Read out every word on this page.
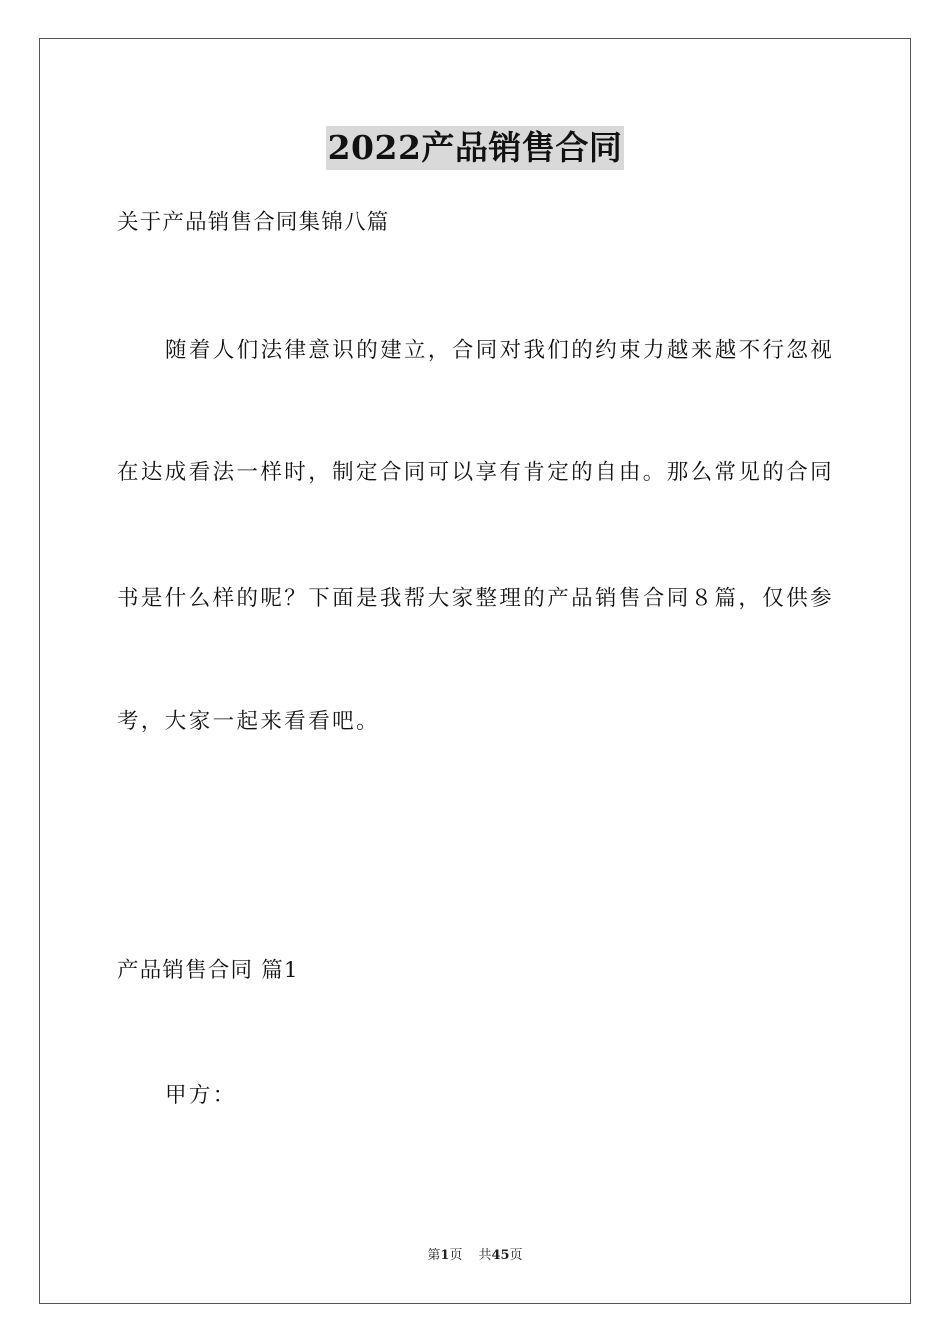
2022产品销售合同
关于产品销售合同集锦八篇
随着人们法律意识的建立，合同对我们的约束力越来越不行忽视
在达成看法一样时，制定合同可以享有肯定的自由。那么常见的合同
书是什么样的呢？下面是我帮大家整理的产品销售合同８篇，仅供参
考，大家一起来看看吧。
产品销售合同 篇1
甲方：
第1页 共45页
